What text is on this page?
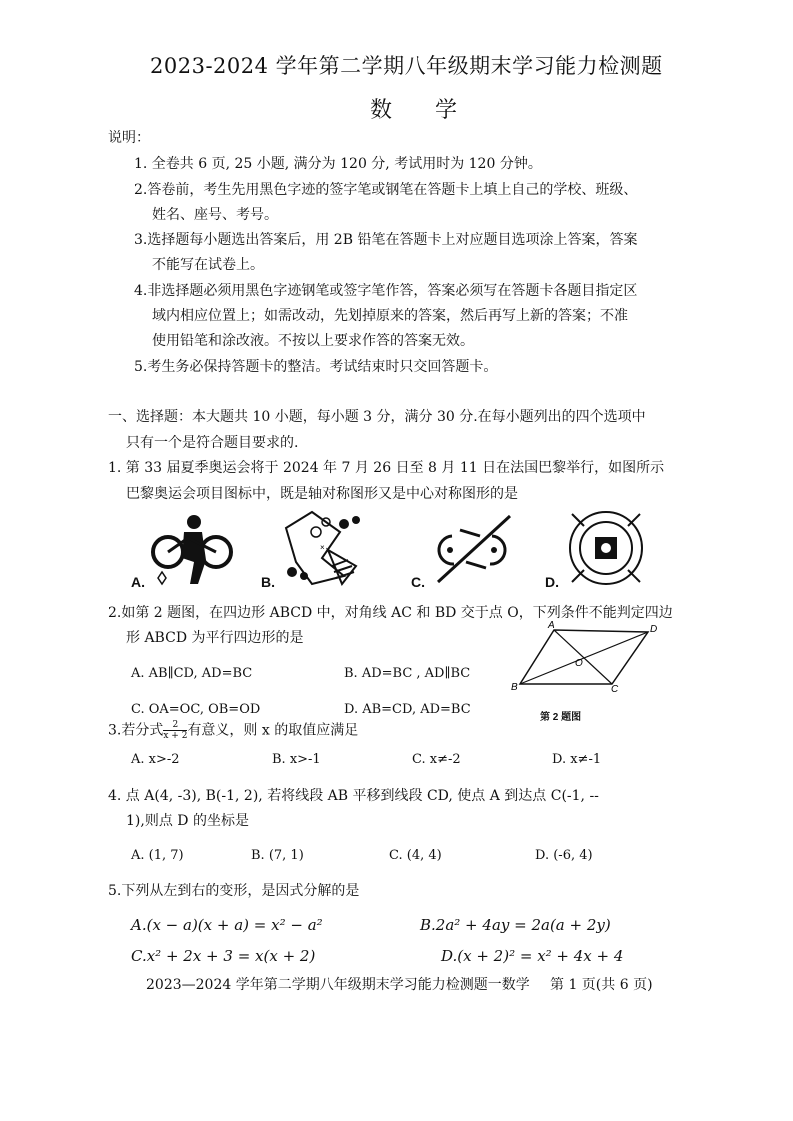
2023-2024 学年第二学期八年级期末学习能力检测题
数 学
说明：
1. 全卷共 6 页, 25 小题, 满分为 120 分, 考试用时为 120 分钟。
2.答卷前，考生先用黑色字迹的签字笔或钢笔在答题卡上填上自己的学校、班级、
姓名、座号、考号。
3.选择题每小题选出答案后，用 2B 铅笔在答题卡上对应题目选项涂上答案，答案
不能写在试卷上。
4.非选择题必须用黑色字迹钢笔或签字笔作答，答案必须写在答题卡各题目指定区
域内相应位置上；如需改动，先划掉原来的答案，然后再写上新的答案；不准
使用铅笔和涂改液。不按以上要求作答的答案无效。
5.考生务必保持答题卡的整洁。考试结束时只交回答题卡。
一、选择题：本大题共 10 小题，每小题 3 分，满分 30 分.在每小题列出的四个选项中
只有一个是符合题目要求的.
1. 第 33 届夏季奥运会将于 2024 年 7 月 26 日至 8 月 11 日在法国巴黎举行，如图所示
巴黎奥运会项目图标中，既是轴对称图形又是中心对称图形的是
A.
×
B.	C.	D.
2.如第 2 题图，在四边形 ABCD 中，对角线 AC 和 BD 交于点 O，下列条件不能判定四边
形 ABCD 为平行四边形的是
A. AB∥CD, AD=BC	B. AD=BC , AD∥BC
C. OA=OC, OB=OD	D. AB=CD, AD=BC
A	D
B	C
O
第 2 题图
3.若分式 $\frac{2}{x + 2}$ 有意义，则 x 的取值应满足
A. x>-2	B. x>-1	C. x≠-2	D. x≠-1
4. 点 A(4, -3), B(-1, 2), 若将线段 AB 平移到线段 CD, 使点 A 到达点 C(-1, --
1),则点 D 的坐标是
A. (1, 7)	B. (7, 1)	C. (4, 4)	D. (-6, 4)
5.下列从左到右的变形，是因式分解的是
A.(x − a)(x + a) = x² − a²	B.2a² + 4ay = 2a(a + 2y)
C.x² + 2x + 3 = x(x + 2)	D.(x + 2)² = x² + 4x + 4
2023—2024 学年第二学期八年级期末学习能力检测题一数学 第 1 页(共 6 页)
